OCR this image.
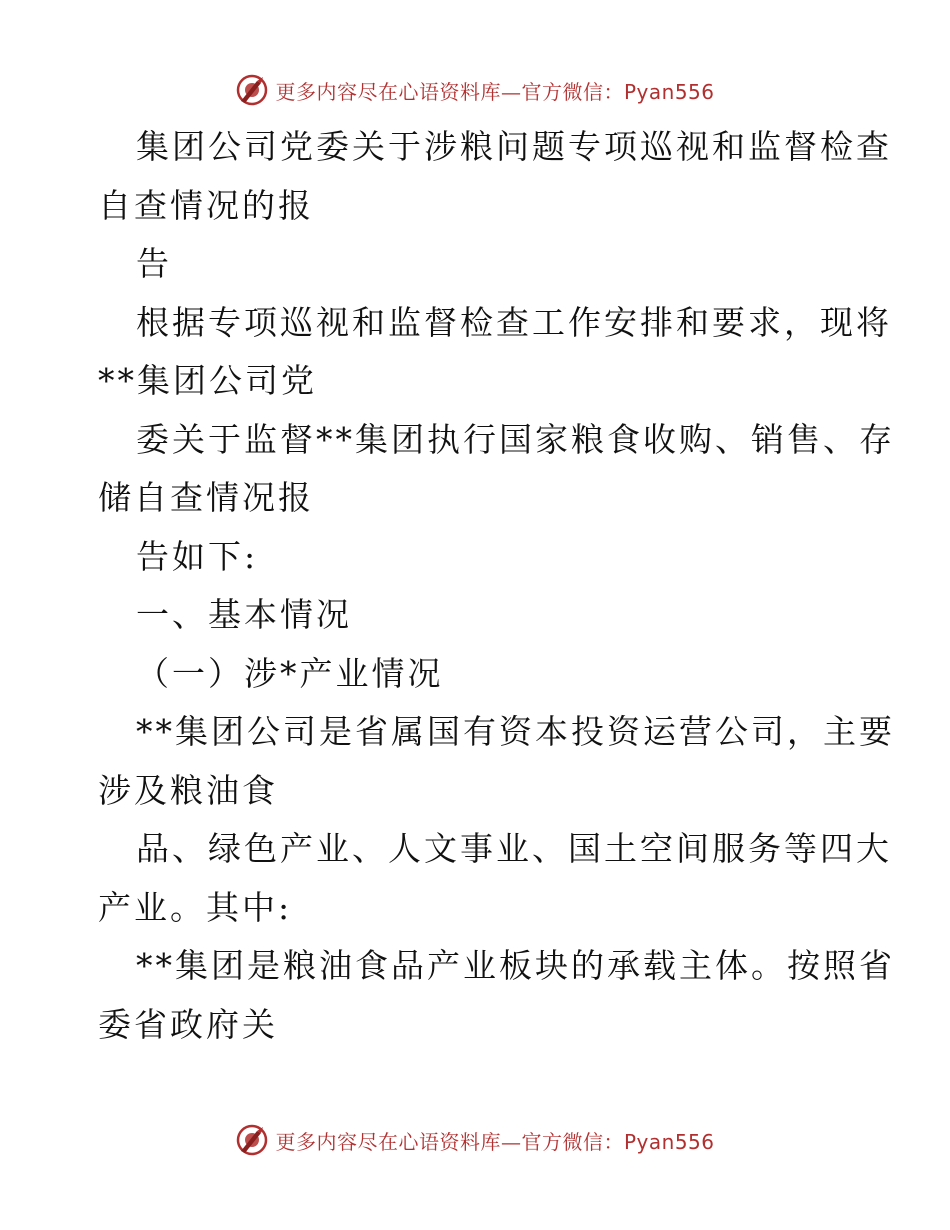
更多内容尽在心语资料库—官方微信：Pyan556
集团公司党委关于涉粮问题专项巡视和监督检查
自查情况的报
告
根据专项巡视和监督检查工作安排和要求，现将
**集团公司党
委关于监督**集团执行国家粮食收购、销售、存
储自查情况报
告如下:
一、基本情况
（一）涉*产业情况
**集团公司是省属国有资本投资运营公司，主要
涉及粮油食
品、绿色产业、人文事业、国土空间服务等四大
产业。其中:
**集团是粮油食品产业板块的承载主体。按照省
委省政府关
更多内容尽在心语资料库—官方微信：Pyan556
